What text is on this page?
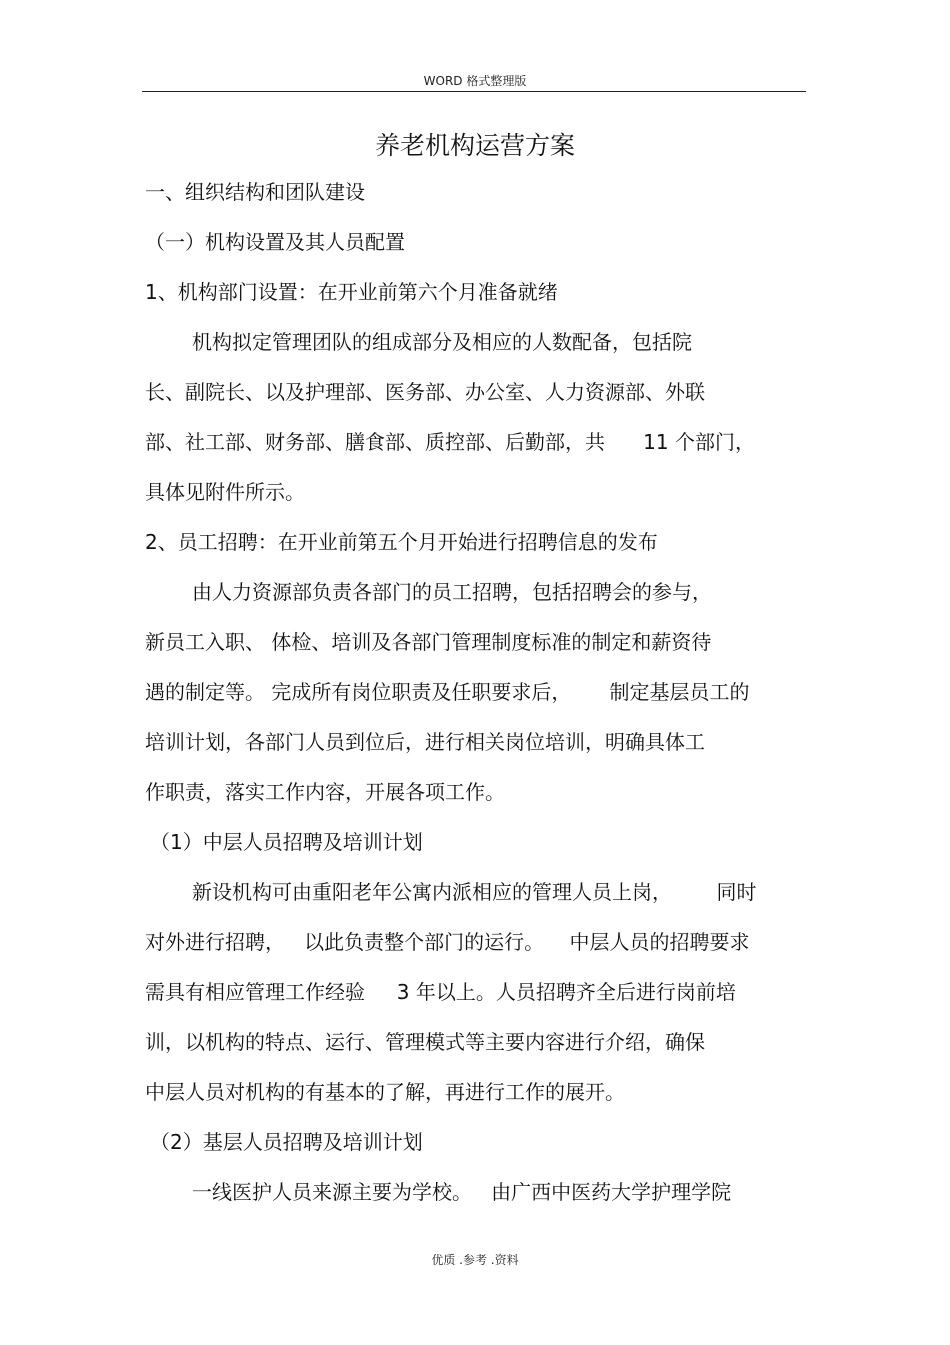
WORD 格式整理版
养老机构运营方案
一、组织结构和团队建设
（一）机构设置及其人员配置
1、机构部门设置：在开业前第六个月准备就绪
机构拟定管理团队的组成部分及相应的人数配备，包括院
长、副院长、以及护理部、医务部、办公室、人力资源部、外联
部、社工部、财务部、膳食部、质控部、后勤部，共      11 个部门，
具体见附件所示。
2、员工招聘：在开业前第五个月开始进行招聘信息的发布
由人力资源部负责各部门的员工招聘，包括招聘会的参与，
新员工入职、 体检、培训及各部门管理制度标准的制定和薪资待
遇的制定等。 完成所有岗位职责及任职要求后，      制定基层员工的
培训计划，各部门人员到位后，进行相关岗位培训，明确具体工
作职责，落实工作内容，开展各项工作。
（1）中层人员招聘及培训计划
新设机构可由重阳老年公寓内派相应的管理人员上岗，       同时
对外进行招聘，   以此负责整个部门的运行。    中层人员的招聘要求
需具有相应管理工作经验     3 年以上。人员招聘齐全后进行岗前培
训，以机构的特点、运行、管理模式等主要内容进行介绍，确保
中层人员对机构的有基本的了解，再进行工作的展开。
（2）基层人员招聘及培训计划
一线医护人员来源主要为学校。   由广西中医药大学护理学院
优质 .参考 .资料
